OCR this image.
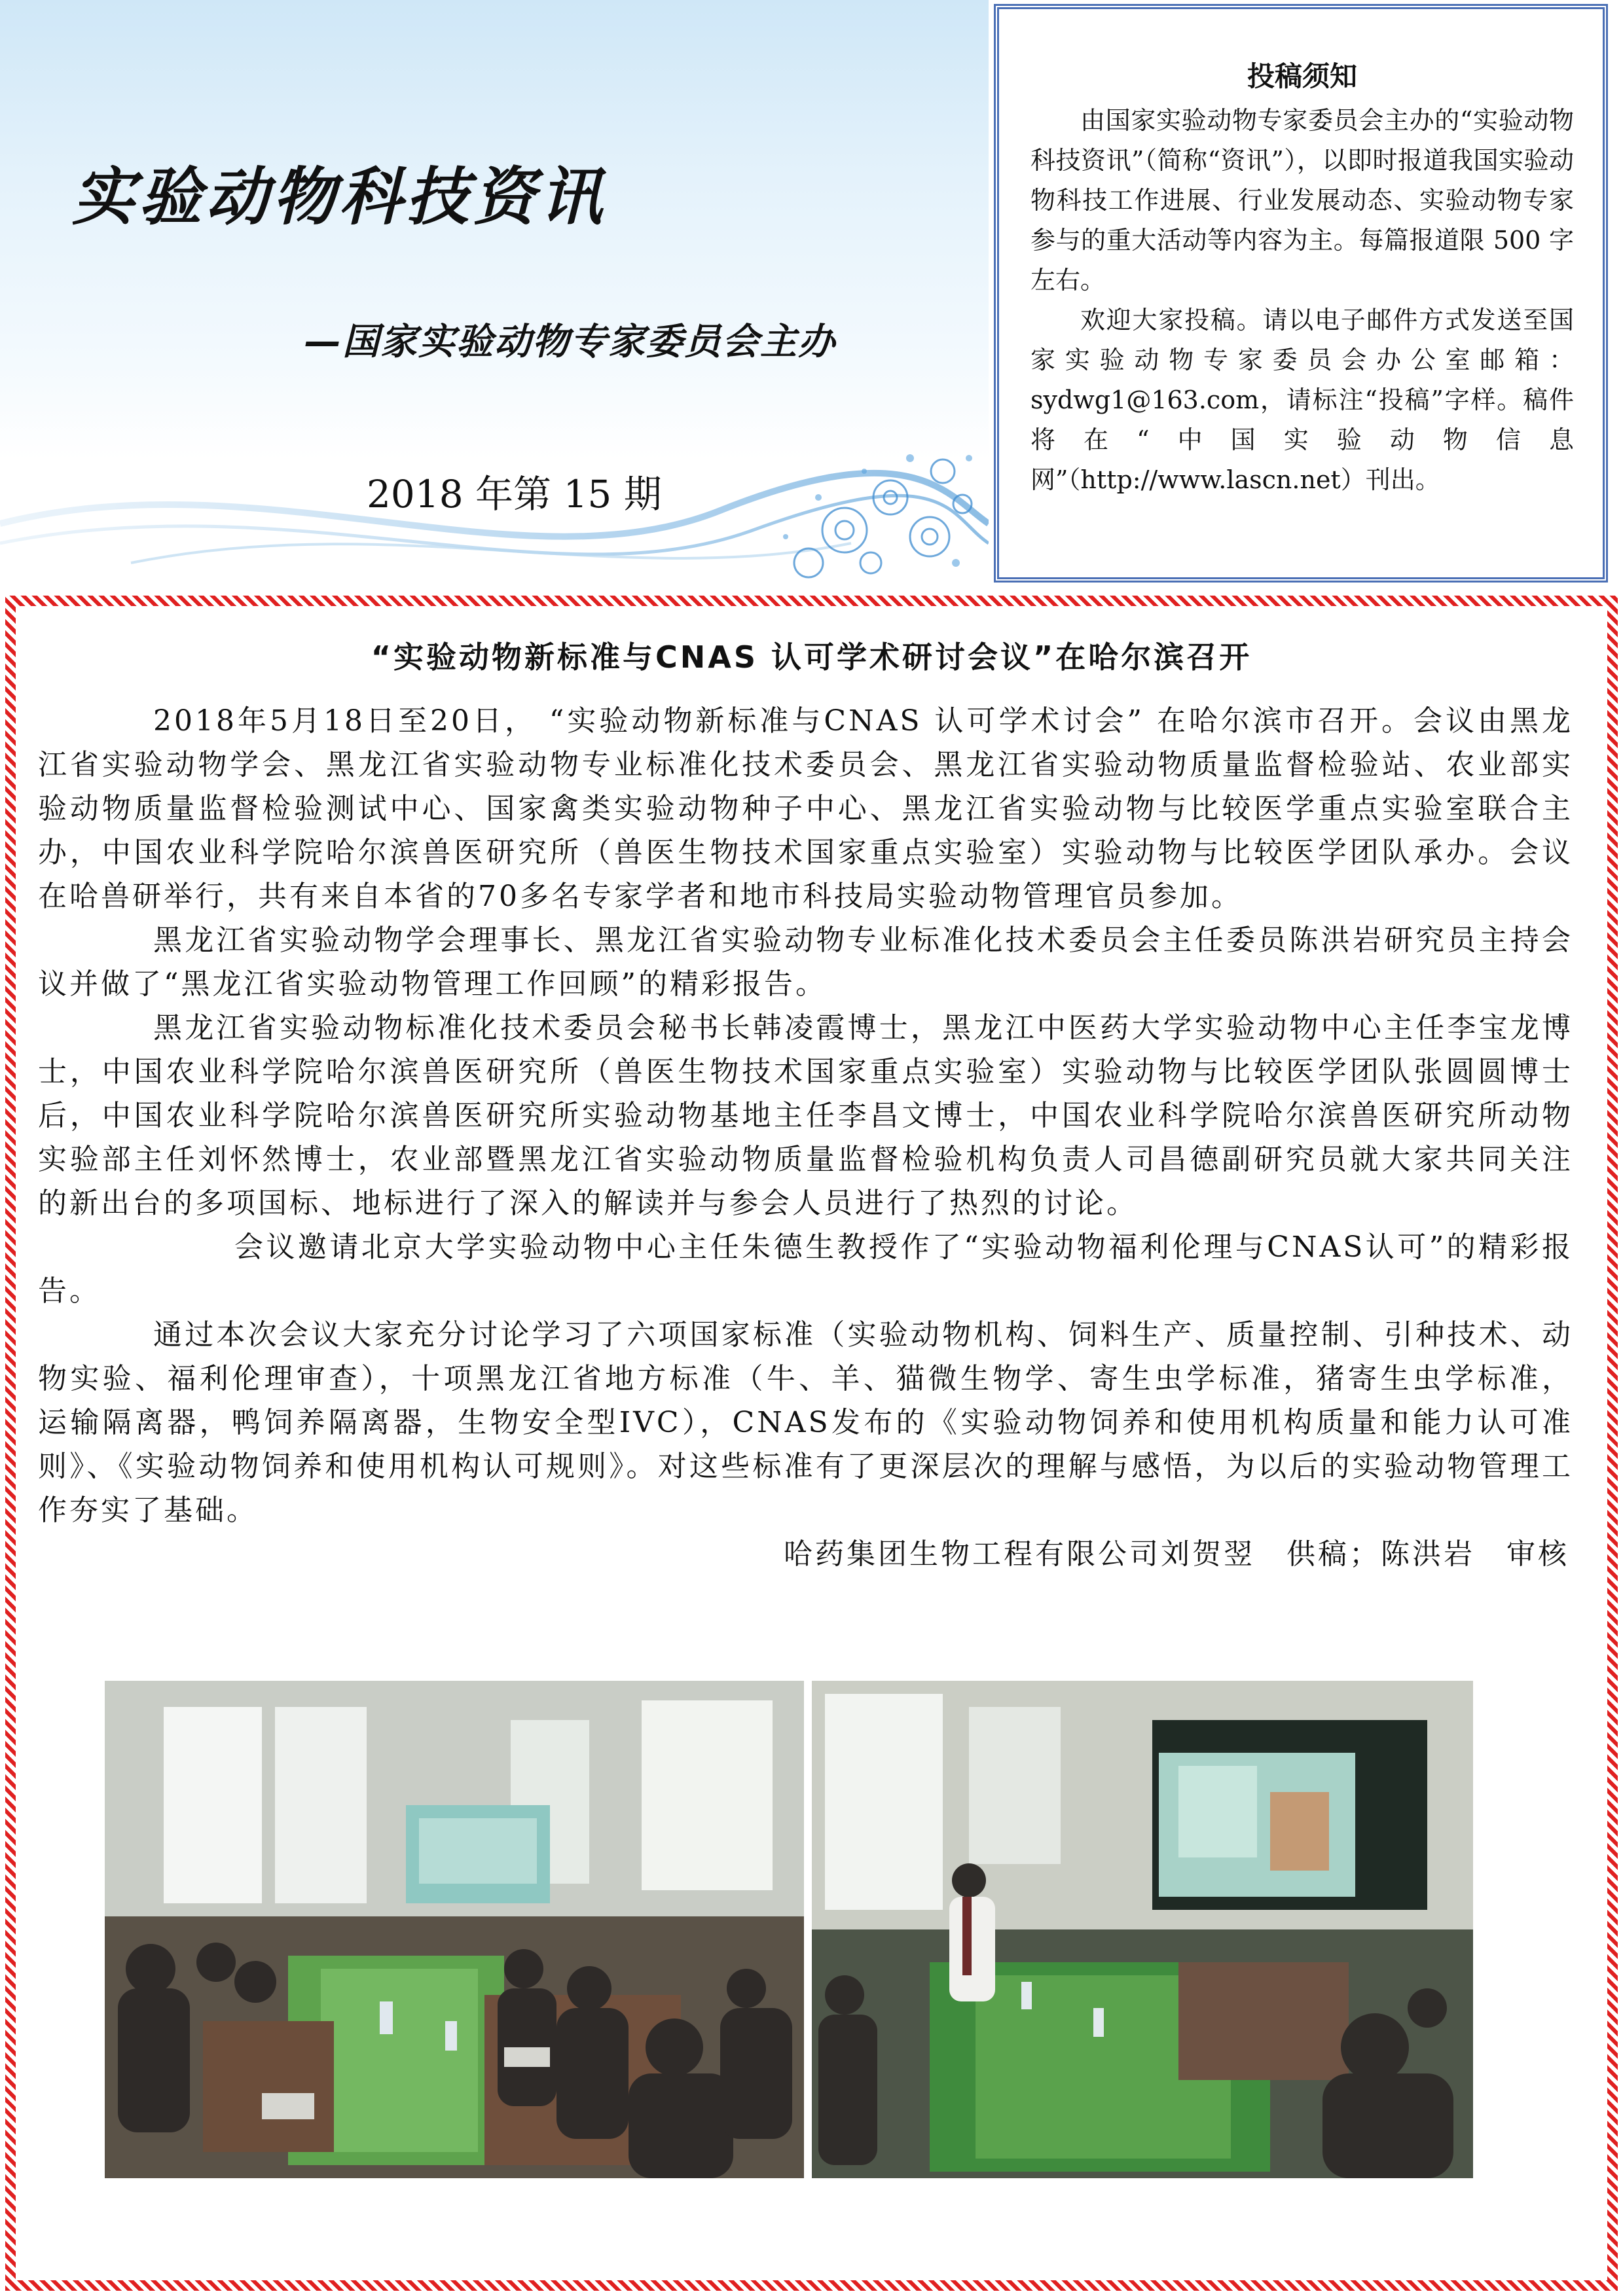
实验动物科技资讯
—国家实验动物专家委员会主办
2018 年第 15 期
投稿须知

由国家实验动物专家委员会主办的“实验动物科技资讯”（简称“资讯”），以即时报道我国实验动物科技工作进展、行业发展动态、实验动物专家参与的重大活动等内容为主。每篇报道限 500 字左右。

欢迎大家投稿。请以电子邮件方式发送至国家实验动物专家委员会办公室邮箱：sydwg1@163.com，请标注“投稿”字样。稿件将在“中国实验动物信息网”（http://www.lascn.net）刊出。

“实验动物新标准与CNAS 认可学术研讨会议”在哈尔滨召开

2018年5月18日至20日， “实验动物新标准与CNAS 认可学术讨会” 在哈尔滨市召开。会议由黑龙江省实验动物学会、黑龙江省实验动物专业标准化技术委员会、黑龙江省实验动物质量监督检验站、农业部实验动物质量监督检验测试中心、国家禽类实验动物种子中心、黑龙江省实验动物与比较医学重点实验室联合主办，中国农业科学院哈尔滨兽医研究所（兽医生物技术国家重点实验室）实验动物与比较医学团队承办。会议在哈兽研举行，共有来自本省的70多名专家学者和地市科技局实验动物管理官员参加。

黑龙江省实验动物学会理事长、黑龙江省实验动物专业标准化技术委员会主任委员陈洪岩研究员主持会议并做了“黑龙江省实验动物管理工作回顾”的精彩报告。

黑龙江省实验动物标准化技术委员会秘书长韩凌霞博士，黑龙江中医药大学实验动物中心主任李宝龙博士，中国农业科学院哈尔滨兽医研究所（兽医生物技术国家重点实验室）实验动物与比较医学团队张圆圆博士后，中国农业科学院哈尔滨兽医研究所实验动物基地主任李昌文博士，中国农业科学院哈尔滨兽医研究所动物实验部主任刘怀然博士，农业部暨黑龙江省实验动物质量监督检验机构负责人司昌德副研究员就大家共同关注的新出台的多项国标、地标进行了深入的解读并与参会人员进行了热烈的讨论。

会议邀请北京大学实验动物中心主任朱德生教授作了“实验动物福利伦理与CNAS认可”的精彩报告。

通过本次会议大家充分讨论学习了六项国家标准（实验动物机构、饲料生产、质量控制、引种技术、动物实验、福利伦理审查），十项黑龙江省地方标准（牛、羊、猫微生物学、寄生虫学标准，猪寄生虫学标准， 运输隔离器，鸭饲养隔离器，生物安全型IVC），CNAS发布的《实验动物饲养和使用机构质量和能力认可准则》、《实验动物饲养和使用机构认可规则》。对这些标准有了更深层次的理解与感悟，为以后的实验动物管理工作夯实了基础。

哈药集团生物工程有限公司刘贺翌　供稿；陈洪岩　审核
